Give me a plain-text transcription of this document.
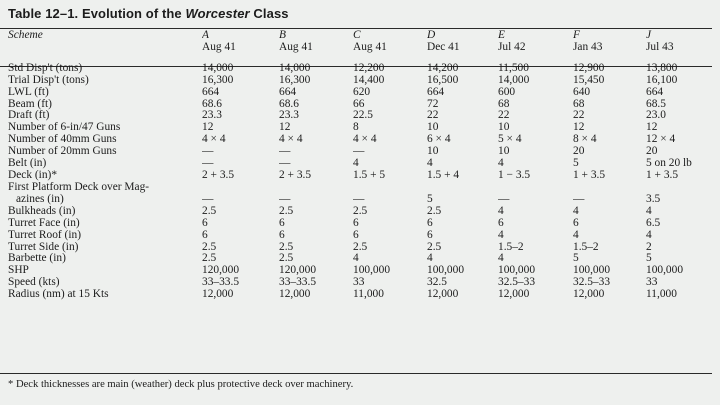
Table 12–1. Evolution of the Worcester Class
Scheme	A	B	C	D	E	F	J
	Aug 41	Aug 41	Aug 41	Dec 41	Jul 42	Jan 43	Jul 43

Std Disp't (tons)	14,000	14,000	12,200	14,200	11,500	12,900	13,800

Trial Disp't (tons)	16,300	16,300	14,400	16,500	14,000	15,450	16,100

LWL (ft)	664	664	620	664	600	640	664

Beam (ft)	68.6	68.6	66	72	68	68	68.5

Draft (ft)	23.3	23.3	22.5	22	22	22	23.0

Number of 6-in/47 Guns	12	12	8	10	10	12	12

Number of 40mm Guns	4 × 4	4 × 4	4 × 4	6 × 4	5 × 4	8 × 4	12 × 4

Number of 20mm Guns	—	—	—	10	10	20	20

Belt (in)	—	—	4	4	4	5	5 on 20 lb

Deck (in)*	2 + 3.5	2 + 3.5	1.5 + 5	1.5 + 4	1 − 3.5	1 + 3.5	1 + 3.5

First Platform Deck over Mag-
azines (in)	—	—	—	5	—	—	3.5

Bulkheads (in)	2.5	2.5	2.5	2.5	4	4	4

Turret Face (in)	6	6	6	6	6	6	6.5

Turret Roof (in)	6	6	6	6	4	4	4

Turret Side (in)	2.5	2.5	2.5	2.5	1.5–2	1.5–2	2

Barbette (in)	2.5	2.5	4	4	4	5	5

SHP	120,000	120,000	100,000	100,000	100,000	100,000	100,000

Speed (kts)	33–33.5	33–33.5	33	32.5	32.5–33	32.5–33	33

Radius (nm) at 15 Kts	12,000	12,000	11,000	12,000	12,000	12,000	11,000
* Deck thicknesses are main (weather) deck plus protective deck over machinery.
